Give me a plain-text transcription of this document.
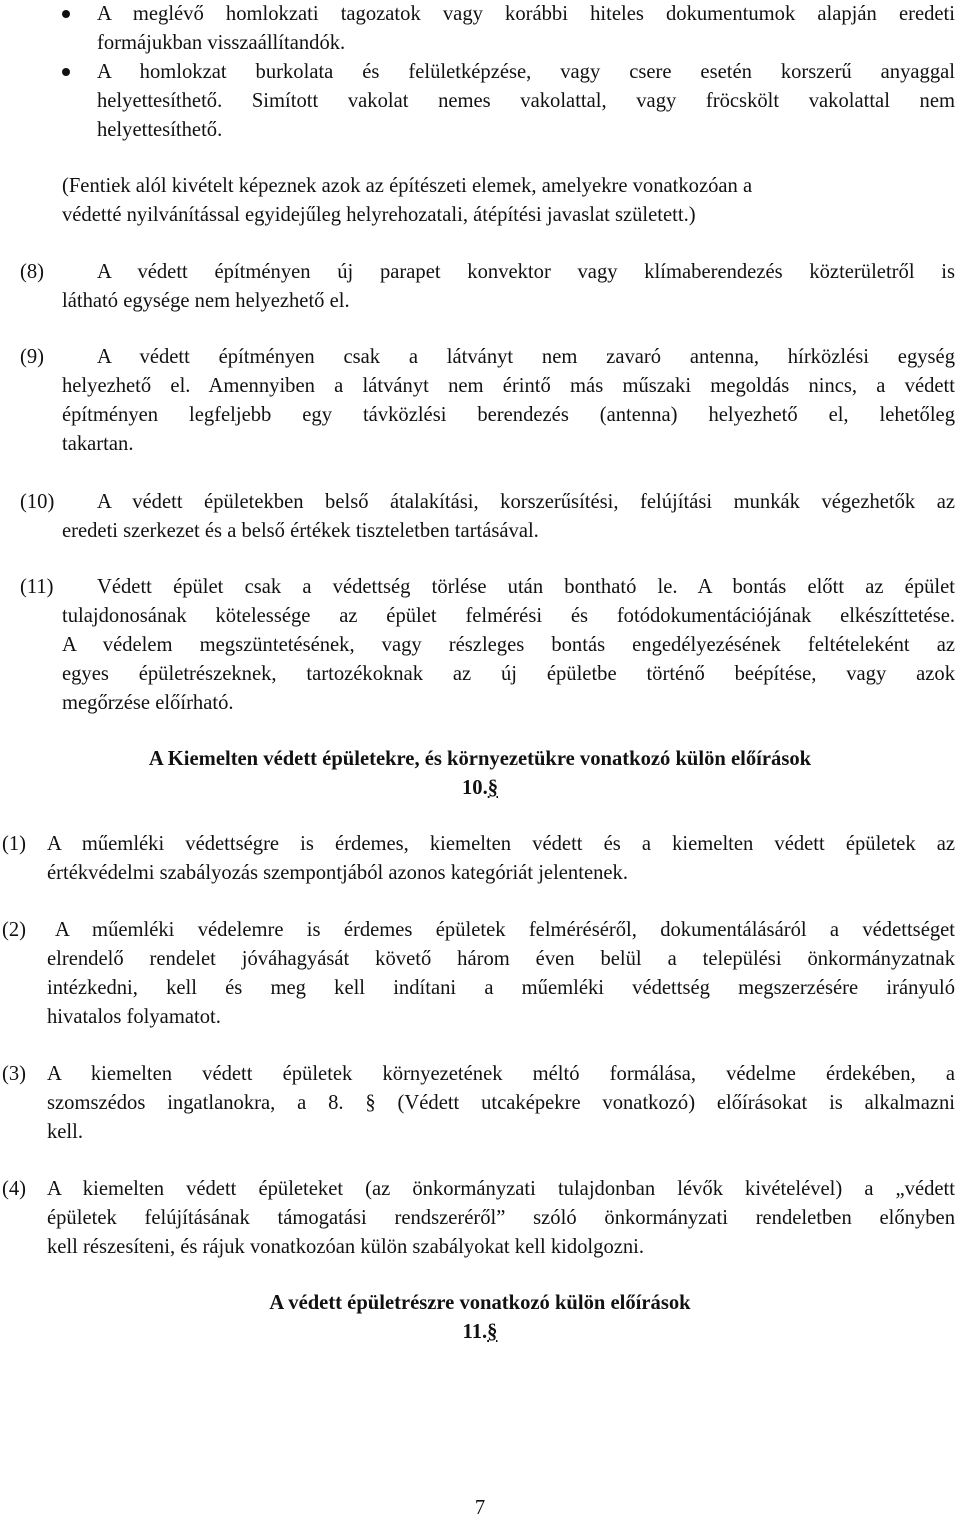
A meglévő homlokzati tagozatok vagy korábbi hiteles dokumentumok alapján eredeti
formájukban visszaállítandók.
A homlokzat burkolata és felületképzése, vagy csere esetén korszerű anyaggal
helyettesíthető. Simított vakolat nemes vakolattal, vagy fröcskölt vakolattal nem
helyettesíthető.
(Fentiek alól kivételt képeznek azok az építészeti elemek, amelyekre vonatkozóan a
védetté nyilvánítással egyidejűleg helyrehozatali, átépítési javaslat született.)
(8)	A védett építményen új parapet konvektor vagy klímaberendezés közterületről is
látható egysége nem helyezhető el.
(9)	A védett építményen csak a látványt nem zavaró antenna, hírközlési egység
helyezhető el. Amennyiben a látványt nem érintő más műszaki megoldás nincs, a védett
építményen legfeljebb egy távközlési berendezés (antenna) helyezhető el, lehetőleg
takartan.
(10) A védett épületekben belső átalakítási, korszerűsítési, felújítási munkák végezhetők az
eredeti szerkezet és a belső értékek tiszteletben tartásával.
(11) Védett épület csak a védettség törlése után bontható le. A bontás előtt az épület
tulajdonosának kötelessége az épület felmérési és fotódokumentációjának elkészíttetése.
A védelem megszüntetésének, vagy részleges bontás engedélyezésének feltételeként az
egyes épületrészeknek, tartozékoknak az új épületbe történő beépítése, vagy azok
megőrzése előírható.
A Kiemelten védett épületekre, és környezetükre vonatkozó külön előírások
10.§
(1) A műemléki védettségre is érdemes, kiemelten védett és a kiemelten védett épületek az
értékvédelmi szabályozás szempontjából azonos kategóriát jelentenek.
(2) A műemléki védelemre is érdemes épületek felméréséről, dokumentálásáról a védettséget
elrendelő rendelet jóváhagyását követő három éven belül a települési önkormányzatnak
intézkedni, kell és meg kell indítani a műemléki védettség megszerzésére irányuló
hivatalos folyamatot.
(3) A kiemelten védett épületek környezetének méltó formálása, védelme érdekében, a
szomszédos ingatlanokra, a 8. § (Védett utcaképekre vonatkozó) előírásokat is alkalmazni
kell.
(4) A kiemelten védett épületeket (az önkormányzati tulajdonban lévők kivételével) a „védett
épületek felújításának támogatási rendszeréről” szóló önkormányzati rendeletben előnyben
kell részesíteni, és rájuk vonatkozóan külön szabályokat kell kidolgozni.
A védett épületrészre vonatkozó külön előírások
11.§
7
